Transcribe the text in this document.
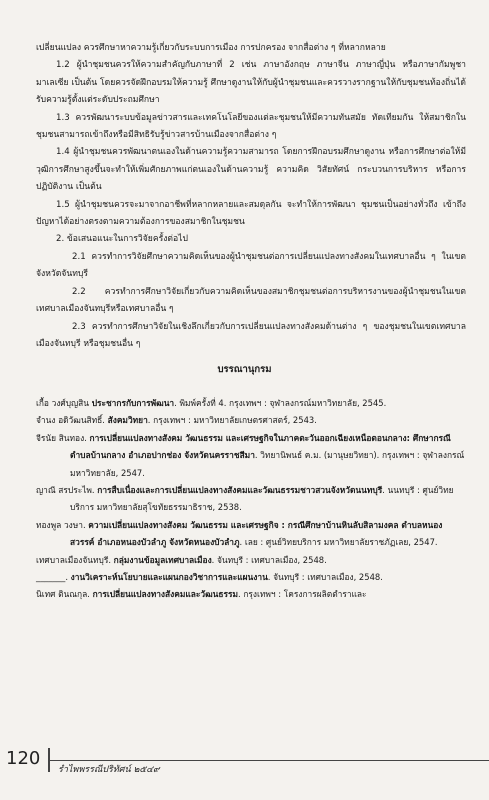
เปลี่ยนแปลง ควรศึกษาหาความรู้เกี่ยวกับระบบการเมือง การปกครอง จากสื่อต่าง ๆ ที่หลากหลาย

1.2 ผู้นำชุมชนควรให้ความสำคัญกับภาษาที่ 2 เช่น ภาษาอังกฤษ ภาษาจีน ภาษาญี่ปุ่น หรือภาษากัมพูชา มาเลเซีย เป็นต้น โดยควรจัดฝึกอบรมให้ความรู้ ศึกษาดูงานให้กับผู้นำชุมชนและควรวางรากฐานให้กับชุมชนท้องถิ่นได้รับความรู้ตั้งแต่ระดับประถมศึกษา

1.3 ควรพัฒนาระบบข้อมูลข่าวสารและเทคโนโลยีของแต่ละชุมชนให้มีความทันสมัย ทัดเทียมกัน ให้สมาชิกในชุมชนสามารถเข้าถึงหรือมีสิทธิรับรู้ข่าวสารบ้านเมืองจากสื่อต่าง ๆ

1.4 ผู้นำชุมชนควรพัฒนาตนเองในด้านความรู้ความสามารถ โดยการฝึกอบรมศึกษาดูงาน หรือการศึกษาต่อให้มีวุฒิการศึกษาสูงขึ้นจะทำให้เพิ่มศักยภาพแก่ตนเองในด้านความรู้ ความคิด วิสัยทัศน์ กระบวนการบริหาร หรือการปฏิบัติงาน เป็นต้น

1.5 ผู้นำชุมชนควรจะมาจากอาชีพที่หลากหลายและสมดุลกัน จะทำให้การพัฒนา ชุมชนเป็นอย่างทั่วถึง เข้าถึงปัญหาได้อย่างตรงตามความต้องการของสมาชิกในชุมชน

2. ข้อเสนอแนะในการวิจัยครั้งต่อไป

2.1 ควรทำการวิจัยศึกษาความคิดเห็นของผู้นำชุมชนต่อการเปลี่ยนแปลงทางสังคมในเทศบาลอื่น ๆ ในเขตจังหวัดจันทบุรี

2.2 ควรทำการศึกษาวิจัยเกี่ยวกับความคิดเห็นของสมาชิกชุมชนต่อการบริหารงานของผู้นำชุมชนในเขตเทศบาลเมืองจันทบุรีหรือเทศบาลอื่น ๆ

2.3 ควรทำการศึกษาวิจัยในเชิงลึกเกี่ยวกับการเปลี่ยนแปลงทางสังคมด้านต่าง ๆ ของชุมชนในเขตเทศบาลเมืองจันทบุรี หรือชุมชนอื่น ๆ

บรรณานุกรม

เกื้อ วงศ์บุญสิน ประชากรกับการพัฒนา. พิมพ์ครั้งที่ 4. กรุงเทพฯ : จุฬาลงกรณ์มหาวิทยาลัย, 2545.

จำนง อดิวัฒนสิทธิ์. สังคมวิทยา. กรุงเทพฯ : มหาวิทยาลัยเกษตรศาสตร์, 2543.

จีรนัย สินทอง. การเปลี่ยนแปลงทางสังคม วัฒนธรรม และเศรษฐกิจในภาคตะวันออกเฉียงเหนือตอนกลาง: ศึกษากรณีตำบลบ้านกลาง อำเภอปากช่อง จังหวัดนครราชสีมา. วิทยานิพนธ์ ค.ม. (มานุษยวิทยา). กรุงเทพฯ : จุฬาลงกรณ์มหาวิทยาลัย, 2547.

ญาณี สรประไพ. การสืบเนื่องและการเปลี่ยนแปลงทางสังคมและวัฒนธรรมชาวสวนจังหวัดนนทบุรี. นนทบุรี : ศูนย์วิทยบริการ มหาวิทยาลัยสุโขทัยธรรมาธิราช, 2538.

ทองพูล วงษา. ความเปลี่ยนแปลงทางสังคม วัฒนธรรม และเศรษฐกิจ : กรณีศึกษาบ้านหินลับสิลามงคล ตำบลหนองสวรรค์ อำเภอหนองบัวลำภู จังหวัดหนองบัวลำภู. เลย : ศูนย์วิทยบริการ มหาวิทยาลัยราชภัฏเลย, 2547.

เทศบาลเมืองจันทบุรี. กลุ่มงานข้อมูลเทศบาลเมือง. จันทบุรี : เทศบาลเมือง, 2548.

_______. งานวิเคราะห์นโยบายและแผนกองวิชาการและแผนงาน. จันทบุรี : เทศบาลเมือง, 2548.

นิเทศ ตินณกุล. การเปลี่ยนแปลงทางสังคมและวัฒนธรรม. กรุงเทพฯ : โครงการผลิตตำราและ

120
รำไพพรรณีปริทัศน์ ๒๕๔๙
